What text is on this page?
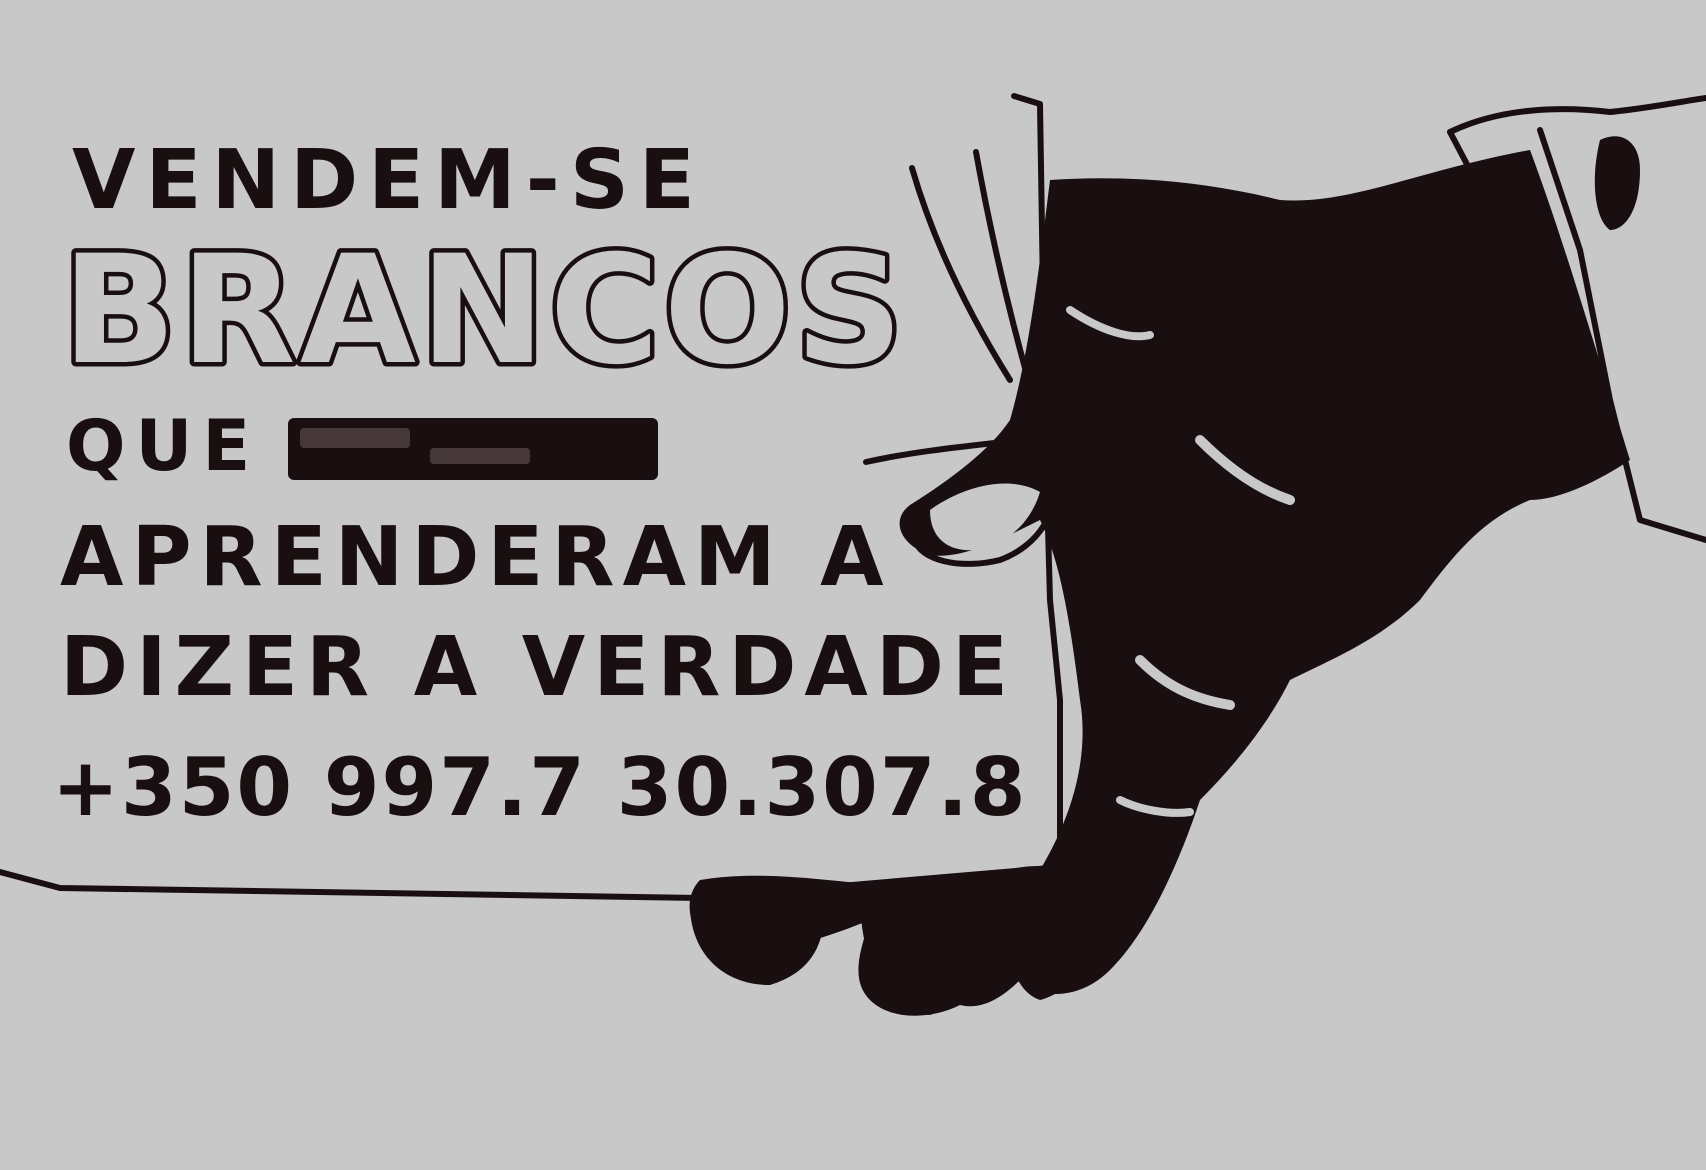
VENDEM-SE
BRANCOS
QUE
APRENDERAM A
DIZER A VERDADE
+350 997.7 30.307.8
